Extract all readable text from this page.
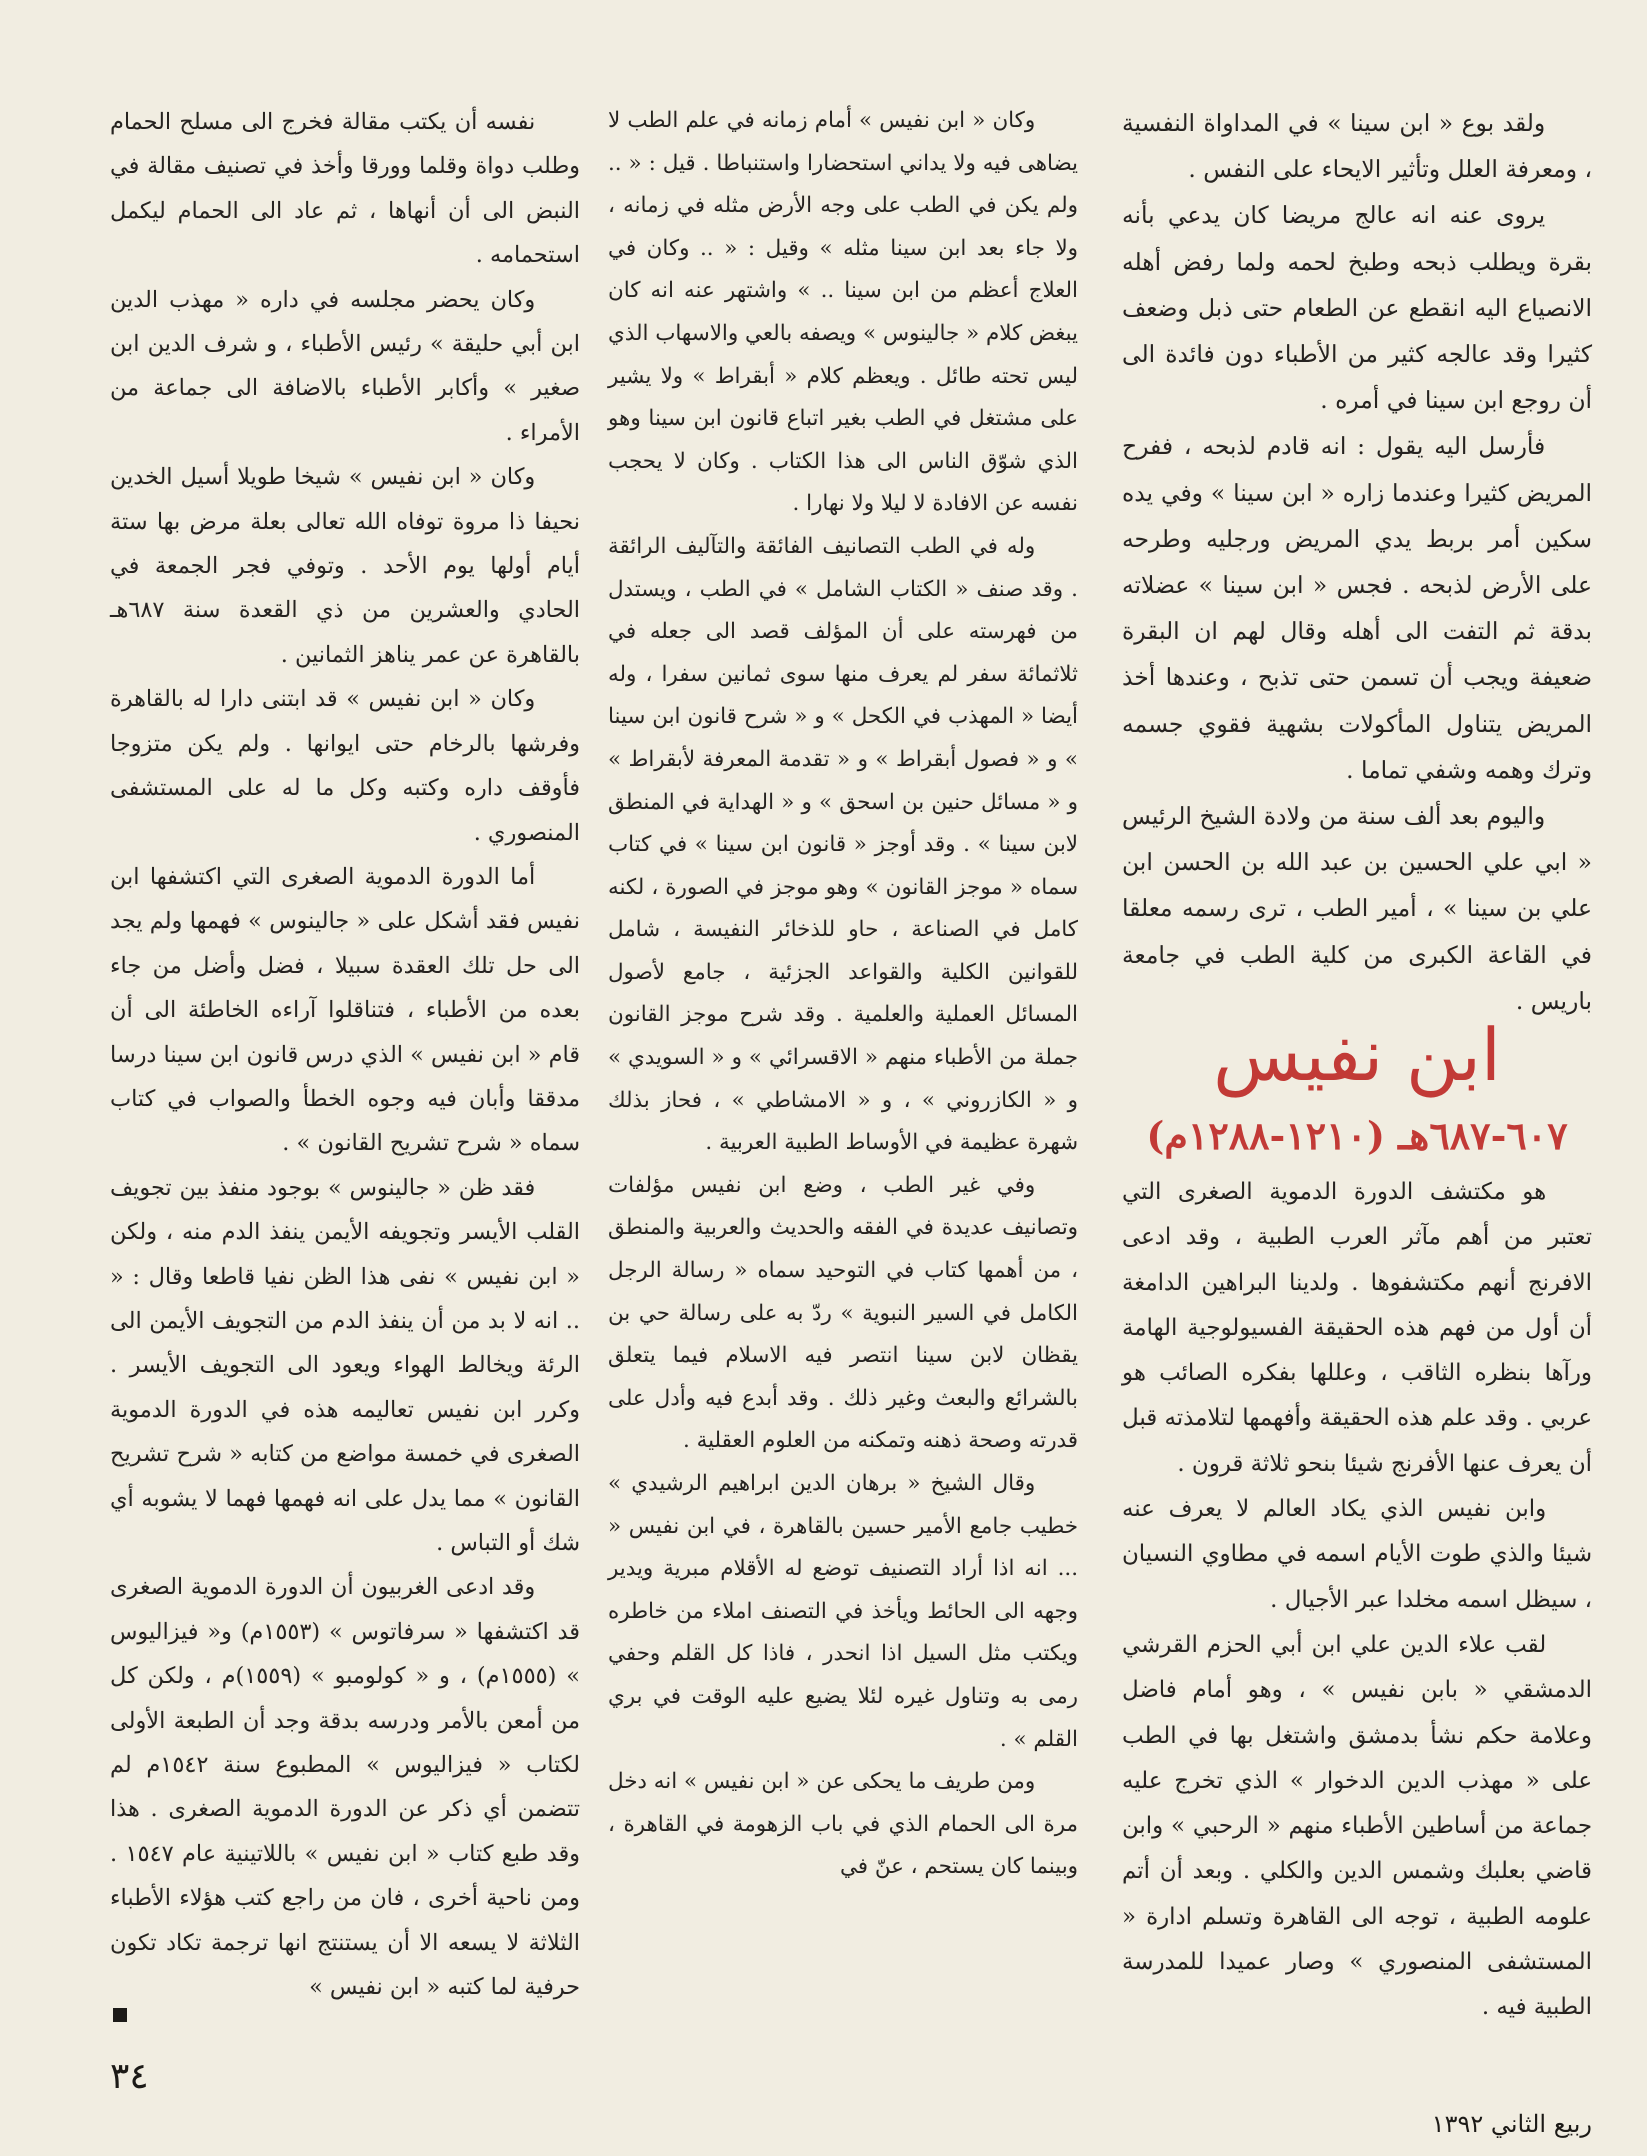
ولقد بوع « ابن سينا » في المداواة النفسية ، ومعرفة العلل وتأثير الايحاء على النفس .

يروى عنه انه عالج مريضا كان يدعي بأنه بقرة ويطلب ذبحه وطبخ لحمه ولما رفض أهله الانصياع اليه انقطع عن الطعام حتى ذبل وضعف كثيرا وقد عالجه كثير من الأطباء دون فائدة الى أن روجع ابن سينا في أمره .

فأرسل اليه يقول : انه قادم لذبحه ، ففرح المريض كثيرا وعندما زاره « ابن سينا » وفي يده سكين أمر بربط يدي المريض ورجليه وطرحه على الأرض لذبحه . فجس « ابن سينا » عضلاته بدقة ثم التفت الى أهله وقال لهم ان البقرة ضعيفة ويجب أن تسمن حتى تذبح ، وعندها أخذ المريض يتناول المأكولات بشهية فقوي جسمه وترك وهمه وشفي تماما .

واليوم بعد ألف سنة من ولادة الشيخ الرئيس « ابي علي الحسين بن عبد الله بن الحسن ابن علي بن سينا » ، أمير الطب ، ترى رسمه معلقا في القاعة الكبرى من كلية الطب في جامعة باريس .

ابن نفيس
٦٠٧-٦٨٧هـ (١٢١٠-١٢٨٨م)

هو مكتشف الدورة الدموية الصغرى التي تعتبر من أهم مآثر العرب الطبية ، وقد ادعى الافرنج أنهم مكتشفوها . ولدينا البراهين الدامغة أن أول من فهم هذه الحقيقة الفسيولوجية الهامة ورآها بنظره الثاقب ، وعللها بفكره الصائب هو عربي . وقد علم هذه الحقيقة وأفهمها لتلامذته قبل أن يعرف عنها الأفرنج شيئا بنحو ثلاثة قرون .

وابن نفيس الذي يكاد العالم لا يعرف عنه شيئا والذي طوت الأيام اسمه في مطاوي النسيان ، سيظل اسمه مخلدا عبر الأجيال .

لقب علاء الدين علي ابن أبي الحزم القرشي الدمشقي « بابن نفيس » ، وهو أمام فاضل وعلامة حكم نشأ بدمشق واشتغل بها في الطب على « مهذب الدين الدخوار » الذي تخرج عليه جماعة من أساطين الأطباء منهم « الرحبي » وابن قاضي بعلبك وشمس الدين والكلي . وبعد أن أتم علومه الطبية ، توجه الى القاهرة وتسلم ادارة « المستشفى المنصوري » وصار عميدا للمدرسة الطبية فيه .

وكان « ابن نفيس » أمام زمانه في علم الطب لا يضاهى فيه ولا يداني استحضارا واستنباطا . قيل : « .. ولم يكن في الطب على وجه الأرض مثله في زمانه ، ولا جاء بعد ابن سينا مثله » وقيل : « .. وكان في العلاج أعظم من ابن سينا .. » واشتهر عنه انه كان يبغض كلام « جالينوس » ويصفه بالعي والاسهاب الذي ليس تحته طائل . ويعظم كلام « أبقراط » ولا يشير على مشتغل في الطب بغير اتباع قانون ابن سينا وهو الذي شوّق الناس الى هذا الكتاب . وكان لا يحجب نفسه عن الافادة لا ليلا ولا نهارا .

وله في الطب التصانيف الفائقة والتآليف الرائقة . وقد صنف « الكتاب الشامل » في الطب ، ويستدل من فهرسته على أن المؤلف قصد الى جعله في ثلاثمائة سفر لم يعرف منها سوى ثمانين سفرا ، وله أيضا « المهذب في الكحل » و « شرح قانون ابن سينا » و « فصول أبقراط » و « تقدمة المعرفة لأبقراط » و « مسائل حنين بن اسحق » و « الهداية في المنطق لابن سينا » . وقد أوجز « قانون ابن سينا » في كتاب سماه « موجز القانون » وهو موجز في الصورة ، لكنه كامل في الصناعة ، حاو للذخائر النفيسة ، شامل للقوانين الكلية والقواعد الجزئية ، جامع لأصول المسائل العملية والعلمية . وقد شرح موجز القانون جملة من الأطباء منهم « الاقسرائي » و « السويدي » و « الكازروني » ، و « الامشاطي » ، فحاز بذلك شهرة عظيمة في الأوساط الطبية العربية .

وفي غير الطب ، وضع ابن نفيس مؤلفات وتصانيف عديدة في الفقه والحديث والعربية والمنطق ، من أهمها كتاب في التوحيد سماه « رسالة الرجل الكامل في السير النبوية » ردّ به على رسالة حي بن يقظان لابن سينا انتصر فيه الاسلام فيما يتعلق بالشرائع والبعث وغير ذلك . وقد أبدع فيه وأدل على قدرته وصحة ذهنه وتمكنه من العلوم العقلية .

وقال الشيخ « برهان الدين ابراهيم الرشيدي » خطيب جامع الأمير حسين بالقاهرة ، في ابن نفيس « ... انه اذا أراد التصنيف توضع له الأقلام مبرية ويدير وجهه الى الحائط ويأخذ في التصنف املاء من خاطره ويكتب مثل السيل اذا انحدر ، فاذا كل القلم وحفي رمى به وتناول غيره لئلا يضيع عليه الوقت في بري القلم » .

ومن طريف ما يحكى عن « ابن نفيس » انه دخل مرة الى الحمام الذي في باب الزهومة في القاهرة ، وبينما كان يستحم ، عنّ في

نفسه أن يكتب مقالة فخرج الى مسلح الحمام وطلب دواة وقلما وورقا وأخذ في تصنيف مقالة في النبض الى أن أنهاها ، ثم عاد الى الحمام ليكمل استحمامه .

وكان يحضر مجلسه في داره « مهذب الدين ابن أبي حليقة » رئيس الأطباء ، و شرف الدين ابن صغير » وأكابر الأطباء بالاضافة الى جماعة من الأمراء .

وكان « ابن نفيس » شيخا طويلا أسيل الخدين نحيفا ذا مروة توفاه الله تعالى بعلة مرض بها ستة أيام أولها يوم الأحد . وتوفي فجر الجمعة في الحادي والعشرين من ذي القعدة سنة ٦٨٧هـ بالقاهرة عن عمر يناهز الثمانين .

وكان « ابن نفيس » قد ابتنى دارا له بالقاهرة وفرشها بالرخام حتى ايوانها . ولم يكن متزوجا فأوقف داره وكتبه وكل ما له على المستشفى المنصوري .

أما الدورة الدموية الصغرى التي اكتشفها ابن نفيس فقد أشكل على « جالينوس » فهمها ولم يجد الى حل تلك العقدة سبيلا ، فضل وأضل من جاء بعده من الأطباء ، فتناقلوا آراءه الخاطئة الى أن قام « ابن نفيس » الذي درس قانون ابن سينا درسا مدققا وأبان فيه وجوه الخطأ والصواب في كتاب سماه « شرح تشريح القانون » .

فقد ظن « جالينوس » بوجود منفذ بين تجويف القلب الأيسر وتجويفه الأيمن ينفذ الدم منه ، ولكن « ابن نفيس » نفى هذا الظن نفيا قاطعا وقال : « .. انه لا بد من أن ينفذ الدم من التجويف الأيمن الى الرئة ويخالط الهواء ويعود الى التجويف الأيسر . وكرر ابن نفيس تعاليمه هذه في الدورة الدموية الصغرى في خمسة مواضع من كتابه « شرح تشريح القانون » مما يدل على انه فهمها فهما لا يشوبه أي شك أو التباس .

وقد ادعى الغربيون أن الدورة الدموية الصغرى قد اكتشفها « سرفاتوس » (١٥٥٣م) و« فيزاليوس » (١٥٥٥م) ، و « كولومبو » (١٥٥٩)م ، ولكن كل من أمعن بالأمر ودرسه بدقة وجد أن الطبعة الأولى لكتاب « فيزاليوس » المطبوع سنة ١٥٤٢م لم تتضمن أي ذكر عن الدورة الدموية الصغرى . هذا وقد طبع كتاب « ابن نفيس » باللاتينية عام ١٥٤٧ . ومن ناحية أخرى ، فان من راجع كتب هؤلاء الأطباء الثلاثة لا يسعه الا أن يستنتج انها ترجمة تكاد تكون حرفية لما كتبه « ابن نفيس »

٣٤
ربيع الثاني ١٣٩٢
